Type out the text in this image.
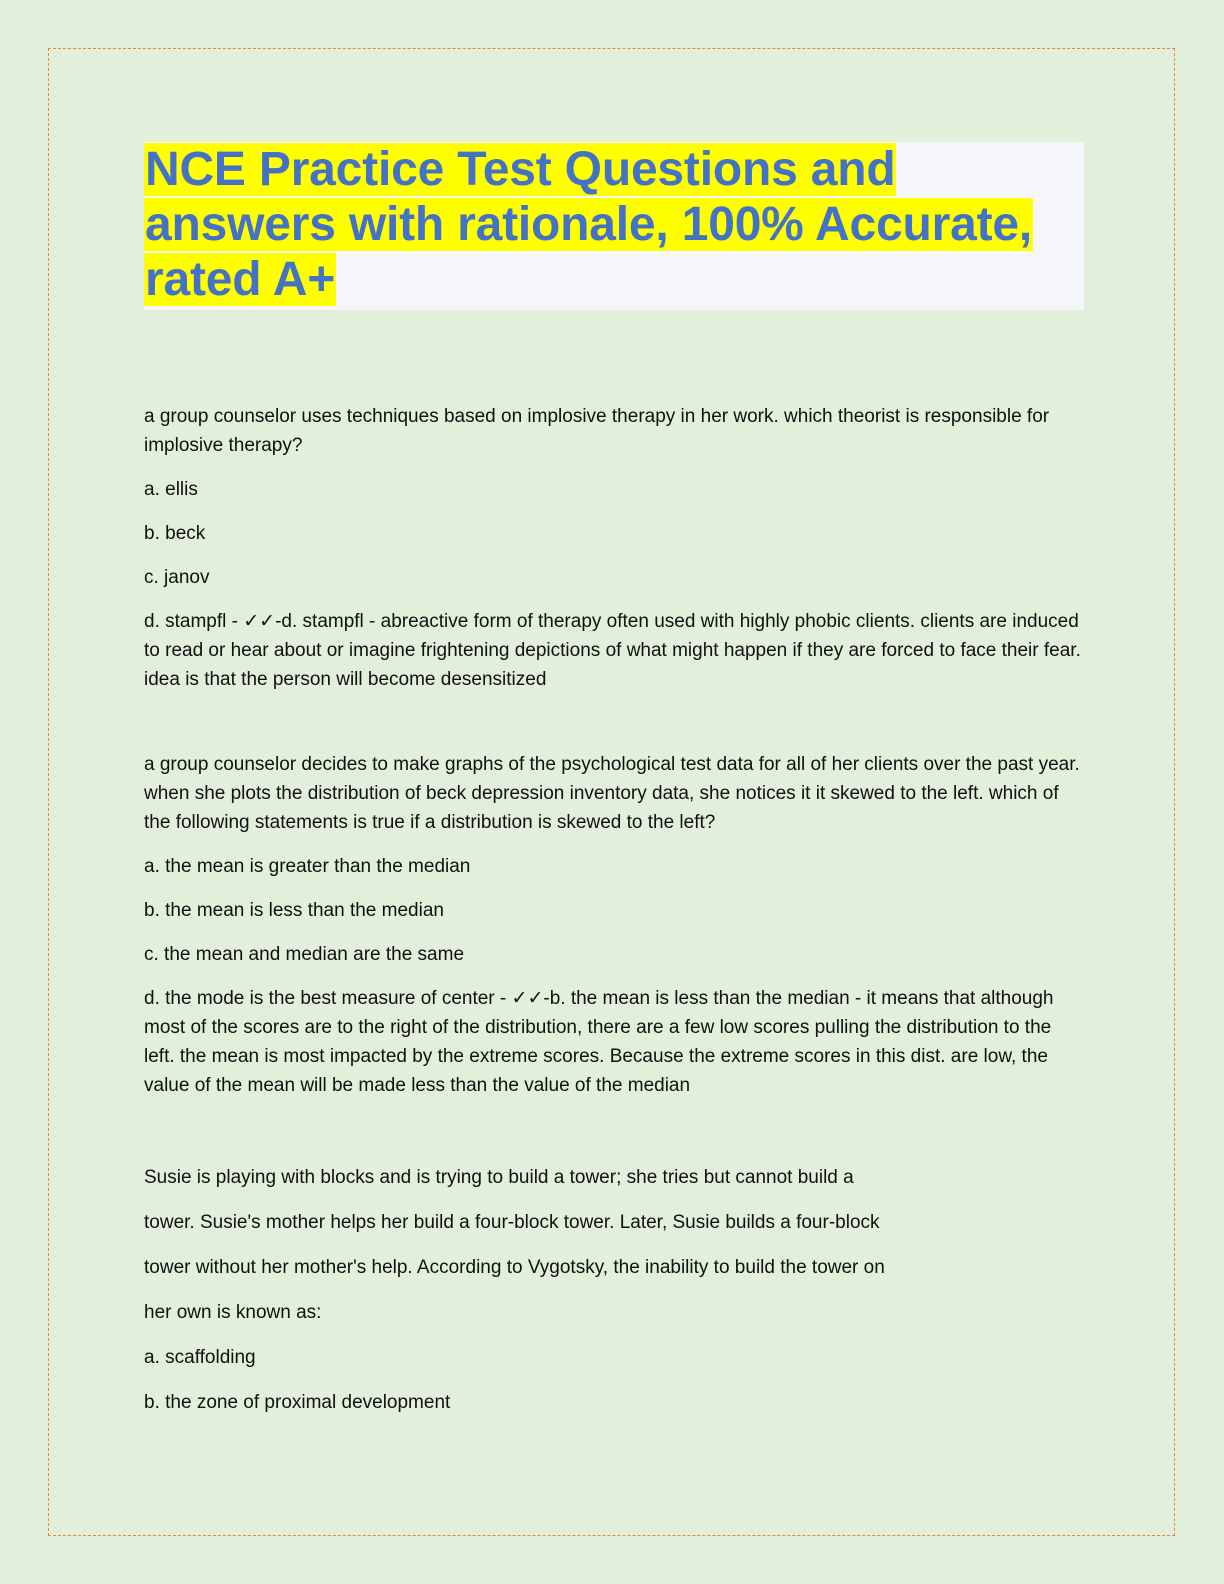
NCE Practice Test Questions and answers with rationale, 100% Accurate, rated A+

a group counselor uses techniques based on implosive therapy in her work. which theorist is responsible for implosive therapy?

a. ellis

b. beck

c. janov

d. stampfl - ✓✓-d. stampfl - abreactive form of therapy often used with highly phobic clients. clients are induced to read or hear about or imagine frightening depictions of what might happen if they are forced to face their fear. idea is that the person will become desensitized

a group counselor decides to make graphs of the psychological test data for all of her clients over the past year. when she plots the distribution of beck depression inventory data, she notices it it skewed to the left. which of the following statements is true if a distribution is skewed to the left?

a. the mean is greater than the median

b. the mean is less than the median

c. the mean and median are the same

d. the mode is the best measure of center - ✓✓-b. the mean is less than the median - it means that although most of the scores are to the right of the distribution, there are a few low scores pulling the distribution to the left. the mean is most impacted by the extreme scores. Because the extreme scores in this dist. are low, the value of the mean will be made less than the value of the median

Susie is playing with blocks and is trying to build a tower; she tries but cannot build a

tower. Susie's mother helps her build a four-block tower. Later, Susie builds a four-block

tower without her mother's help. According to Vygotsky, the inability to build the tower on

her own is known as:

a. scaffolding

b. the zone of proximal development
